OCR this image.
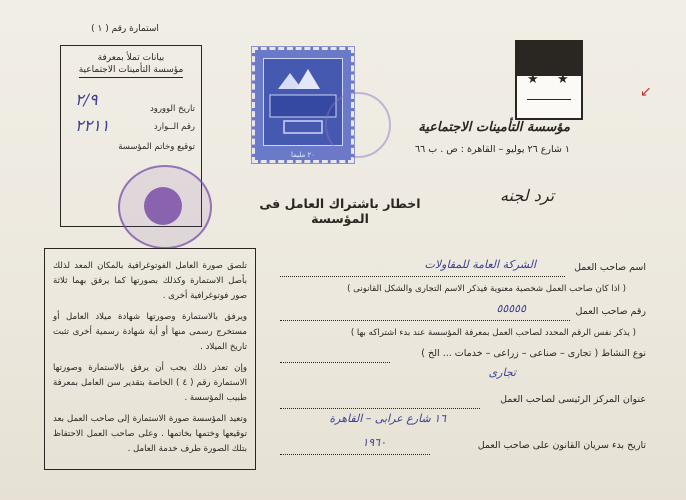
استمارة رقم ( ١ )
بيانات تملأ بمعرفة
مؤسسة التأمينات الاجتماعية
تاريخ الوورود
رقم الــوارد
توقيع وخاتم المؤسسة
٢/٩
٢٢١١
٢٠ مليما
★ ★
↙
مؤسسة التأمينات الاجتماعية
١ شارع ٢٦ يوليو – القاهرة : ص . ب ٦٦
ترد لجنه
اخطار باشتراك العامل فى المؤسسة

تلصق صورة العامل الفوتوغرافية بالمكان المعد لذلك بأصل الاستمارة وكذلك بصورتها كما يرفق بهما ثلاثة صور فوتوغرافية أخرى .

ويرفق بالاستمارة وصورتها شهادة ميلاد العامل أو مستخرج رسمى منها أو أية شهادة رسمية أخرى تثبت تاريخ الميلاد .

وإن تعذر ذلك يجب أن يرفق بالاستمارة وصورتها الاستمارة رقم ( ٤ ) الخاصة بتقدير سن العامل بمعرفة طبيب المؤسسة .

وتعيد المؤسسة صورة الاستمارة إلى صاحب العمل بعد توقيعها وختمها بخاتمها . وعلى صاحب العمل الاحتفاظ بتلك الصورة طرف خدمة العامل .

اسم صاحب العمل
الشركة العامة للمقاولات
( اذا كان صاحب العمل شخصية معنوية فيذكر الاسم التجارى والشكل القانونى )
رقم صاحب العمل
٥٥٥٥٥
( يذكر نفس الرقم المحدد لصاحب العمل بمعرفة المؤسسة عند بدء اشتراكه بها )
نوع النشاط ( تجارى – صناعى – زراعى – خدمات ... الخ )
تجارى
عنوان المركز الرئيسى لصاحب العمل
١٦ شارع عرابى – القاهرة
تاريخ بدء سريان القانون على صاحب العمل
١٩٦٠
